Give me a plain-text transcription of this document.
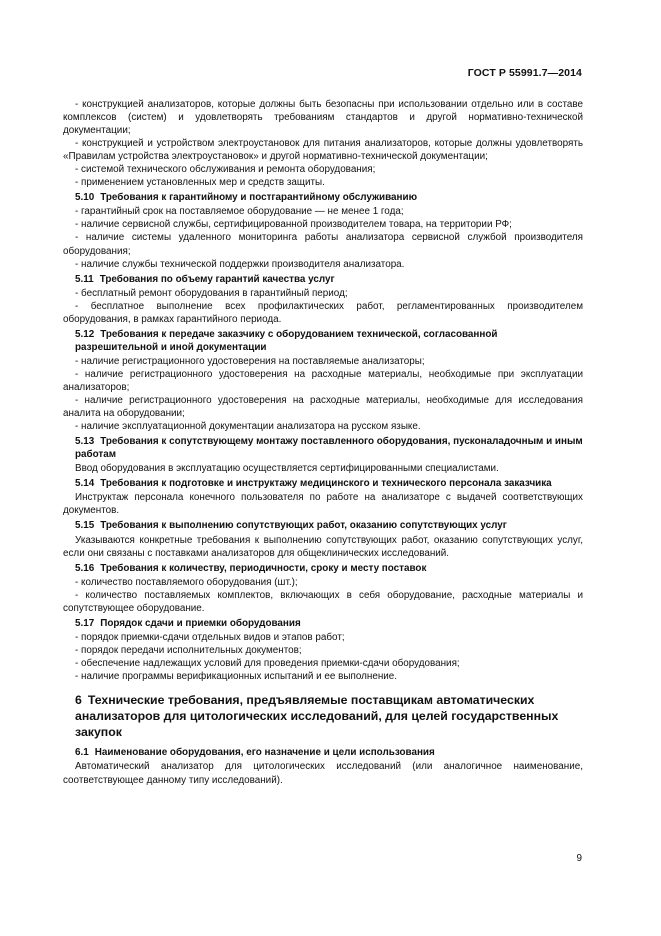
ГОСТ Р 55991.7—2014

- конструкцией анализаторов, которые должны быть безопасны при использовании отдельно или в составе комплексов (систем) и удовлетворять требованиям стандартов и другой нормативно-технической документации;

- конструкцией и устройством электроустановок для питания анализаторов, которые должны удовлетворять «Правилам устройства электроустановок» и другой нормативно-технической документации;

- системой технического обслуживания и ремонта оборудования;

- применением установленных мер и средств защиты.

5.10 Требования к гарантийному и постгарантийному обслуживанию

- гарантийный срок на поставляемое оборудование — не менее 1 года;

- наличие сервисной службы, сертифицированной производителем товара, на территории РФ;

- наличие системы удаленного мониторинга работы анализатора сервисной службой производителя оборудования;

- наличие службы технической поддержки производителя анализатора.

5.11 Требования по объему гарантий качества услуг

- бесплатный ремонт оборудования в гарантийный период;

- бесплатное выполнение всех профилактических работ, регламентированных производителем оборудования, в рамках гарантийного периода.

5.12 Требования к передаче заказчику с оборудованием технической, согласованной разрешительной и иной документации

- наличие регистрационного удостоверения на поставляемые анализаторы;

- наличие регистрационного удостоверения на расходные материалы, необходимые при эксплуатации анализаторов;

- наличие регистрационного удостоверения на расходные материалы, необходимые для исследования аналита на оборудовании;

- наличие эксплуатационной документации анализатора на русском языке.

5.13 Требования к сопутствующему монтажу поставленного оборудования, пусконаладочным и иным работам

Ввод оборудования в эксплуатацию осуществляется сертифицированными специалистами.

5.14 Требования к подготовке и инструктажу медицинского и технического персонала заказчика

Инструктаж персонала конечного пользователя по работе на анализаторе с выдачей соответствующих документов.

5.15 Требования к выполнению сопутствующих работ, оказанию сопутствующих услуг

Указываются конкретные требования к выполнению сопутствующих работ, оказанию сопутствующих услуг, если они связаны с поставками анализаторов для общеклинических исследований.

5.16 Требования к количеству, периодичности, сроку и месту поставок

- количество поставляемого оборудования (шт.);

- количество поставляемых комплектов, включающих в себя оборудование, расходные материалы и сопутствующее оборудование.

5.17 Порядок сдачи и приемки оборудования

- порядок приемки-сдачи отдельных видов и этапов работ;

- порядок передачи исполнительных документов;

- обеспечение надлежащих условий для проведения приемки-сдачи оборудования;

- наличие программы верификационных испытаний и ее выполнение.

6 Технические требования, предъявляемые поставщикам автоматических анализаторов для цитологических исследований, для целей государственных закупок
6.1 Наименование оборудования, его назначение и цели использования

Автоматический анализатор для цитологических исследований (или аналогичное наименование, соответствующее данному типу исследований).

9
